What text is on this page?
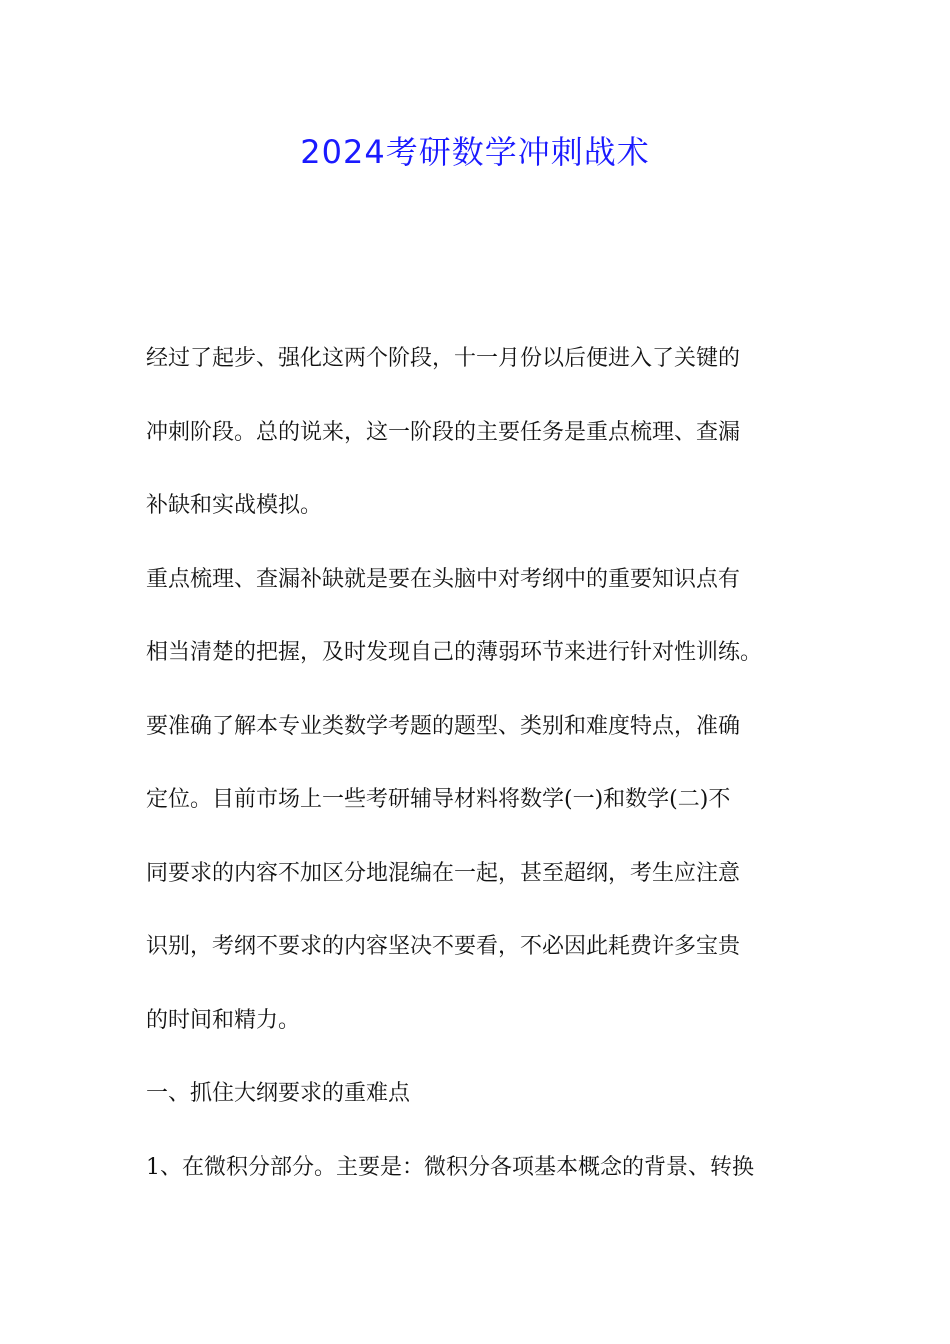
2024考研数学冲刺战术

经过了起步、强化这两个阶段，十一月份以后便进入了关键的
冲刺阶段。总的说来，这一阶段的主要任务是重点梳理、查漏
补缺和实战模拟。

重点梳理、查漏补缺就是要在头脑中对考纲中的重要知识点有
相当清楚的把握，及时发现自己的薄弱环节来进行针对性训练。
要准确了解本专业类数学考题的题型、类别和难度特点，准确
定位。目前市场上一些考研辅导材料将数学(一)和数学(二)不
同要求的内容不加区分地混编在一起，甚至超纲，考生应注意
识别，考纲不要求的内容坚决不要看，不必因此耗费许多宝贵
的时间和精力。

一、抓住大纲要求的重难点

1、在微积分部分。主要是：微积分各项基本概念的背景、转换
